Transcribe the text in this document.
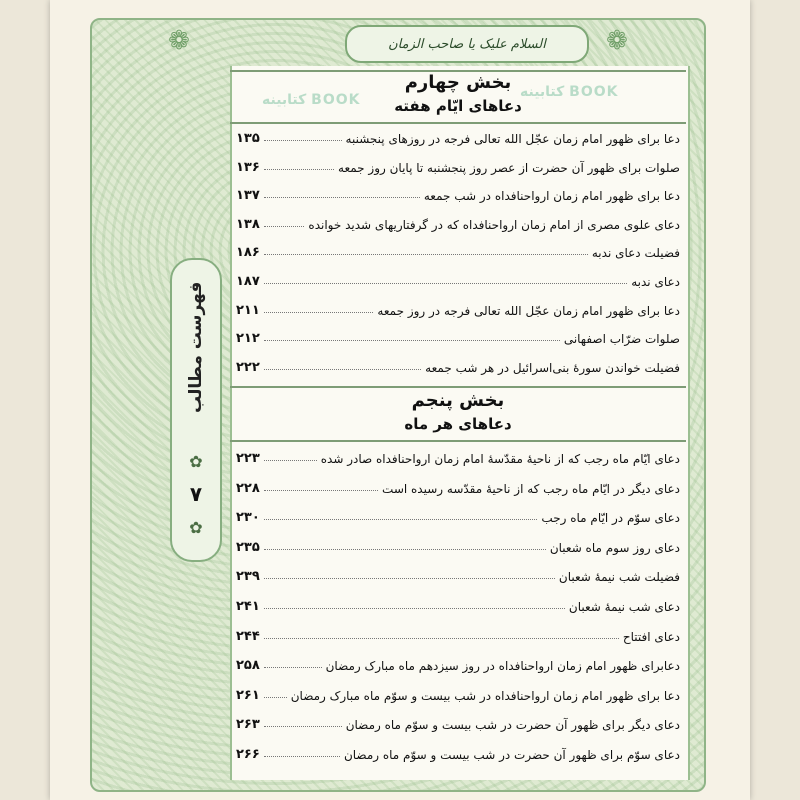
❁	❁
السلام علیک یا صاحب الزمان
فهرست مطالب
✿
۷
✿
کتابینه BOOK	کتابینه BOOK
بخش چهارم
دعاهای ایّام هفته
دعا برای ظهور امام زمان عجّل الله تعالی فرجه در روزهای پنجشنبه
۱۳۵
صلوات برای ظهور آن حضرت از عصر روز پنجشنبه تا پایان روز جمعه
۱۳۶
دعا برای ظهور امام زمان ارواحنافداه در شب جمعه
۱۳۷
دعای علوی مصری از امام زمان ارواحنافداه که در گرفتاریهای شدید خوانده
۱۳۸
فضیلت دعای ندبه
۱۸۶
دعای ندبه
۱۸۷
دعا برای ظهور امام زمان عجّل الله تعالی فرجه در روز جمعه
۲۱۱
صلوات ضرّاب اصفهانی
۲۱۲
فضیلت خواندن سورهٔ بنی‌اسرائیل در هر شب جمعه
۲۲۲
بخش پنجم
دعاهای هر ماه
دعای ایّام ماه رجب که از ناحیهٔ مقدّسهٔ امام زمان ارواحنافداه صادر شده
۲۲۳
دعای دیگر در ایّام ماه رجب که از ناحیهٔ مقدّسه رسیده است
۲۲۸
دعای سوّم در ایّام ماه رجب
۲۳۰
دعای روز سوم ماه شعبان
۲۳۵
فضیلت شب نیمهٔ شعبان
۲۳۹
دعای شب نیمهٔ شعبان
۲۴۱
دعای افتتاح
۲۴۴
دعابرای ظهور امام زمان ارواحنافداه در روز سیزدهم ماه مبارک رمضان
۲۵۸
دعا برای ظهور امام زمان ارواحنافداه در شب بیست و سوّم ماه مبارک رمضان
۲۶۱
دعای دیگر برای ظهور آن حضرت در شب بیست و سوّم ماه رمضان
۲۶۳
دعای سوّم برای ظهور آن حضرت در شب بیست و سوّم ماه رمضان
۲۶۶
